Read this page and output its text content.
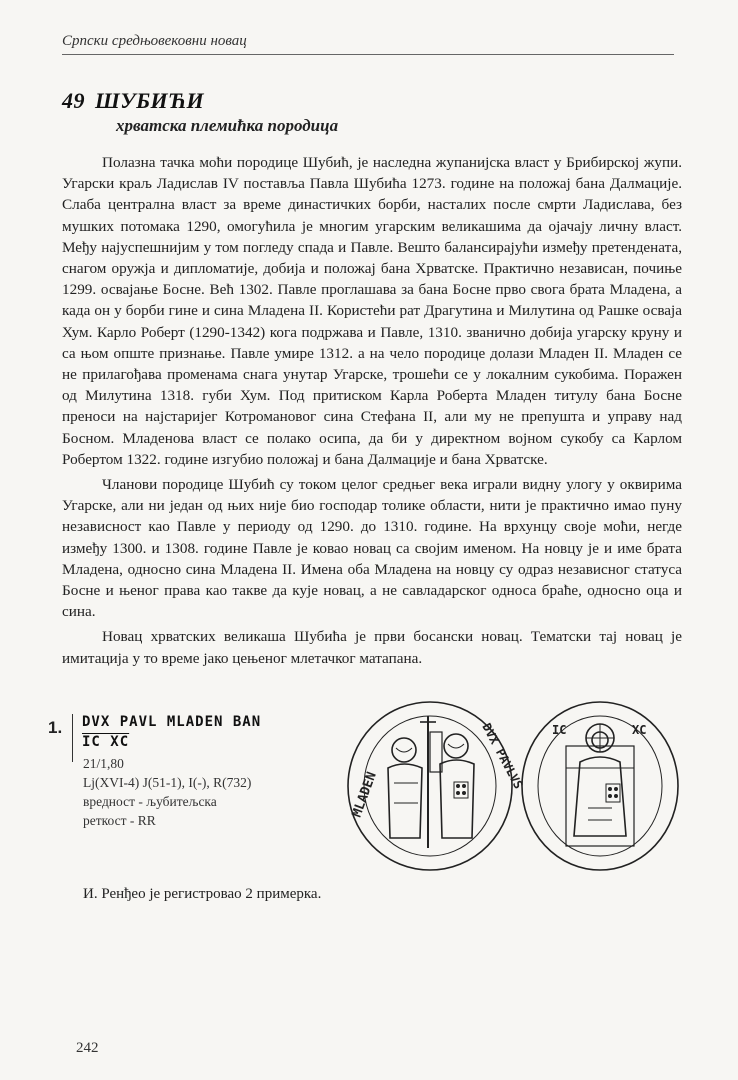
Српски средњовековни новац
49 ШУБИЋИ
хрватска племићка породица

Полазна тачка моћи породице Шубић, је наследна жупанијска власт у Брибирској жупи. Угарски краљ Ладислав IV поставља Павла Шубића 1273. године на положај бана Далмације. Слаба централна власт за време династичких борби, насталих после смрти Ладислава, без мушких потомака 1290, омогућила је многим угарским великашима да ојачају личну власт. Међу најуспешнијим у том погледу спада и Павле. Вешто балансирајући између претендената, снагом оружја и дипломатије, добија и положај бана Хрватске. Практично независан, почиње 1299. освајање Босне. Већ 1302. Павле проглашава за бана Босне прво свога брата Младена, а када он у борби гине и сина Младена II. Користећи рат Драгутина и Милутина од Рашке осваја Хум. Карло Роберт (1290-1342) кога подржава и Павле, 1310. званично добија угарску круну и са њом опште признање. Павле умире 1312. а на чело породице долази Младен II. Младен се не прилагођава променама снага унутар Угарске, трошећи се у локалним сукобима. Поражен од Милутина 1318. губи Хум. Под притиском Карла Роберта Младен титулу бана Босне преноси на најстаријег Котромановог сина Стефана II, али му не препушта и управу над Босном. Младенова власт се полако осипа, да би у директном војном сукобу са Карлом Робертом 1322. године изгубио положај и бана Далмације и бана Хрватске.

Чланови породице Шубић су током целог средњег века играли видну улогу у оквирима Угарске, али ни један од њих није био господар толике области, нити је практично имао пуну независност као Павле у периоду од 1290. до 1310. године. На врхунцу своје моћи, негде између 1300. и 1308. године Павле је ковао новац са својим именом. На новцу је и име брата Младена, односно сина Младена II. Имена оба Младена на новцу су одраз независног статуса Босне и њеног права као такве да кује новац, а не савладарског односа браће, односно оца и сина.

Новац хрватских великаша Шубића је први босански новац. Тематски тај новац је имитација у то време јако цењеног млетачког матапана.

1. DVX PAVL MLADEN BAN
IC XC
21/1,80
Lj(XVI-4) J(51-1), I(-), R(732)
вредност - љубитељска
реткост - RR
MLADEN
DVX PAVLVS IC	XC
И. Ренђео је регистровао 2 примерка.
242
